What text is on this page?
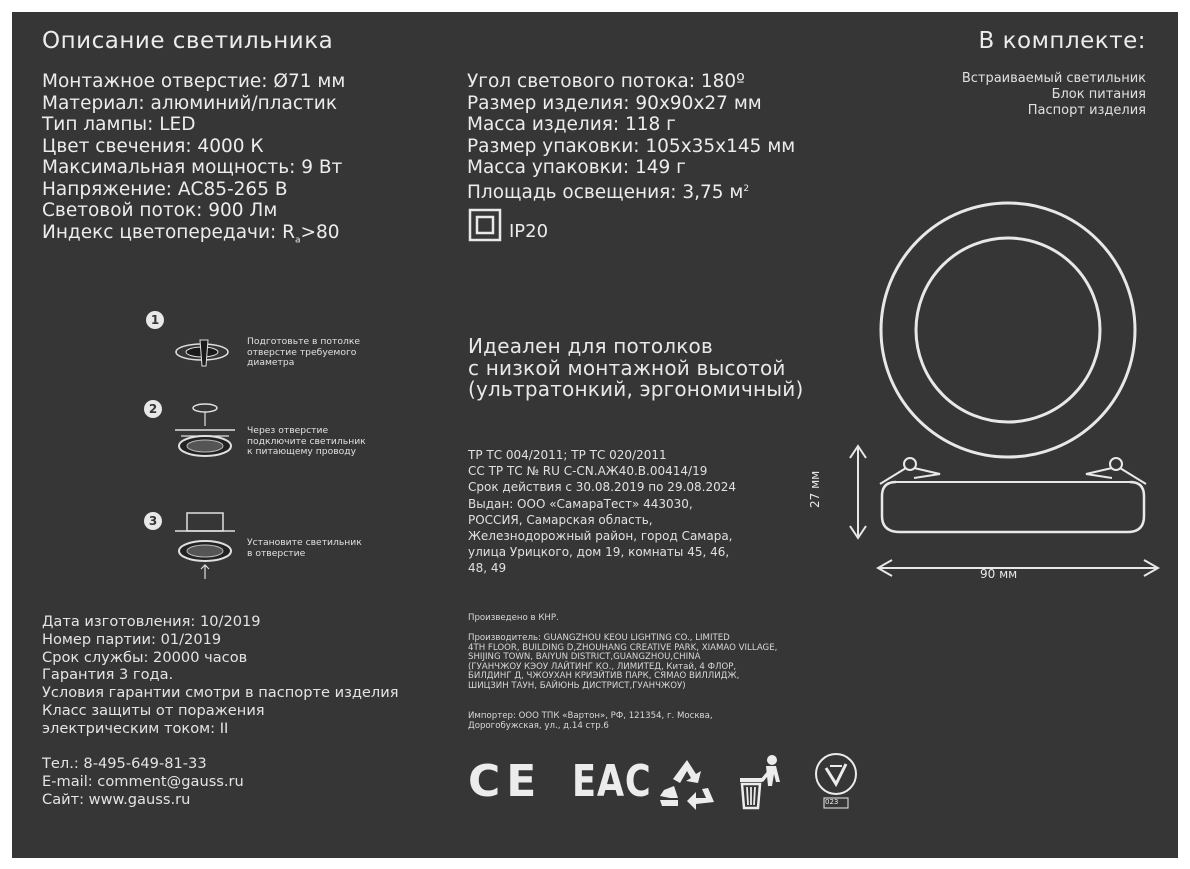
Описание светильника	В комплекте:
Встраиваемый светильник
Блок питания
Паспорт изделия
Монтажное отверстие: Ø71 мм
Материал: алюминий/пластик
Тип лампы: LED
Цвет свечения: 4000 К
Максимальная мощность: 9 Вт
Напряжение: АС85-265 В
Световой поток: 900 Лм
Индекс цветопередачи: $R_a>80$
Угол светового потока: 180º
Размер изделия: 90х90х27 мм
Масса изделия: 118 г
Размер упаковки: 105х35х145 мм
Масса упаковки: 149 г
Площадь освещения: 3,75 $м^2$
IP20
1
Подготовьте в потолке
отверстие требуемого
диаметра
2
Через отверстие
подключите светильник
к питающему проводу
3
Установите светильник
в отверстие
Идеален для потолков
с низкой монтажной высотой
(ультратонкий, эргономичный)
ТР ТС 004/2011; ТР ТС 020/2011
СС ТР ТС № RU C-CN.АЖ40.В.00414/19
Срок действия с 30.08.2019 по 29.08.2024
Выдан: ООО «СамараТест» 443030,
РОССИЯ, Самарская область,
Железнодорожный район, город Самара,
улица Урицкого, дом 19, комнаты 45, 46,
48, 49
Произведено в КНР.
Производитель: GUANGZHOU KEOU LIGHTING CO., LIMITED
4TH FLOOR, BUILDING D,ZHOUHANG CREATIVE PARK, XIAMAO VILLAGE,
SHIJING TOWN, BAIYUN DISTRICT,GUANGZHOU,CHINA
(ГУАНЧЖОУ КЭОУ ЛАЙТИНГ КО., ЛИМИТЕД, Китай, 4 ФЛОР,
БИЛДИНГ Д, ЧЖОУХАН КРИЭЙТИВ ПАРК, СЯМАО ВИЛЛИДЖ,
ШИЦЗИН ТАУН, БАЙЮНЬ ДИСТРИСТ,ГУАНЧЖОУ)
Импортер: ООО ТПК «Вартон», РФ, 121354, г. Москва,
Дорогобужская, ул., д.14 стр.6
Дата изготовления: 10/2019
Номер партии: 01/2019
Срок службы: 20000 часов
Гарантия 3 года.
Условия гарантии смотри в паспорте изделия
Класс защиты от поражения
электрическим током: II
Тел.: 8-495-649-81-33
E-mail: comment@gauss.ru
Сайт: www.gauss.ru	CE EAC	023
27 мм
90 мм
